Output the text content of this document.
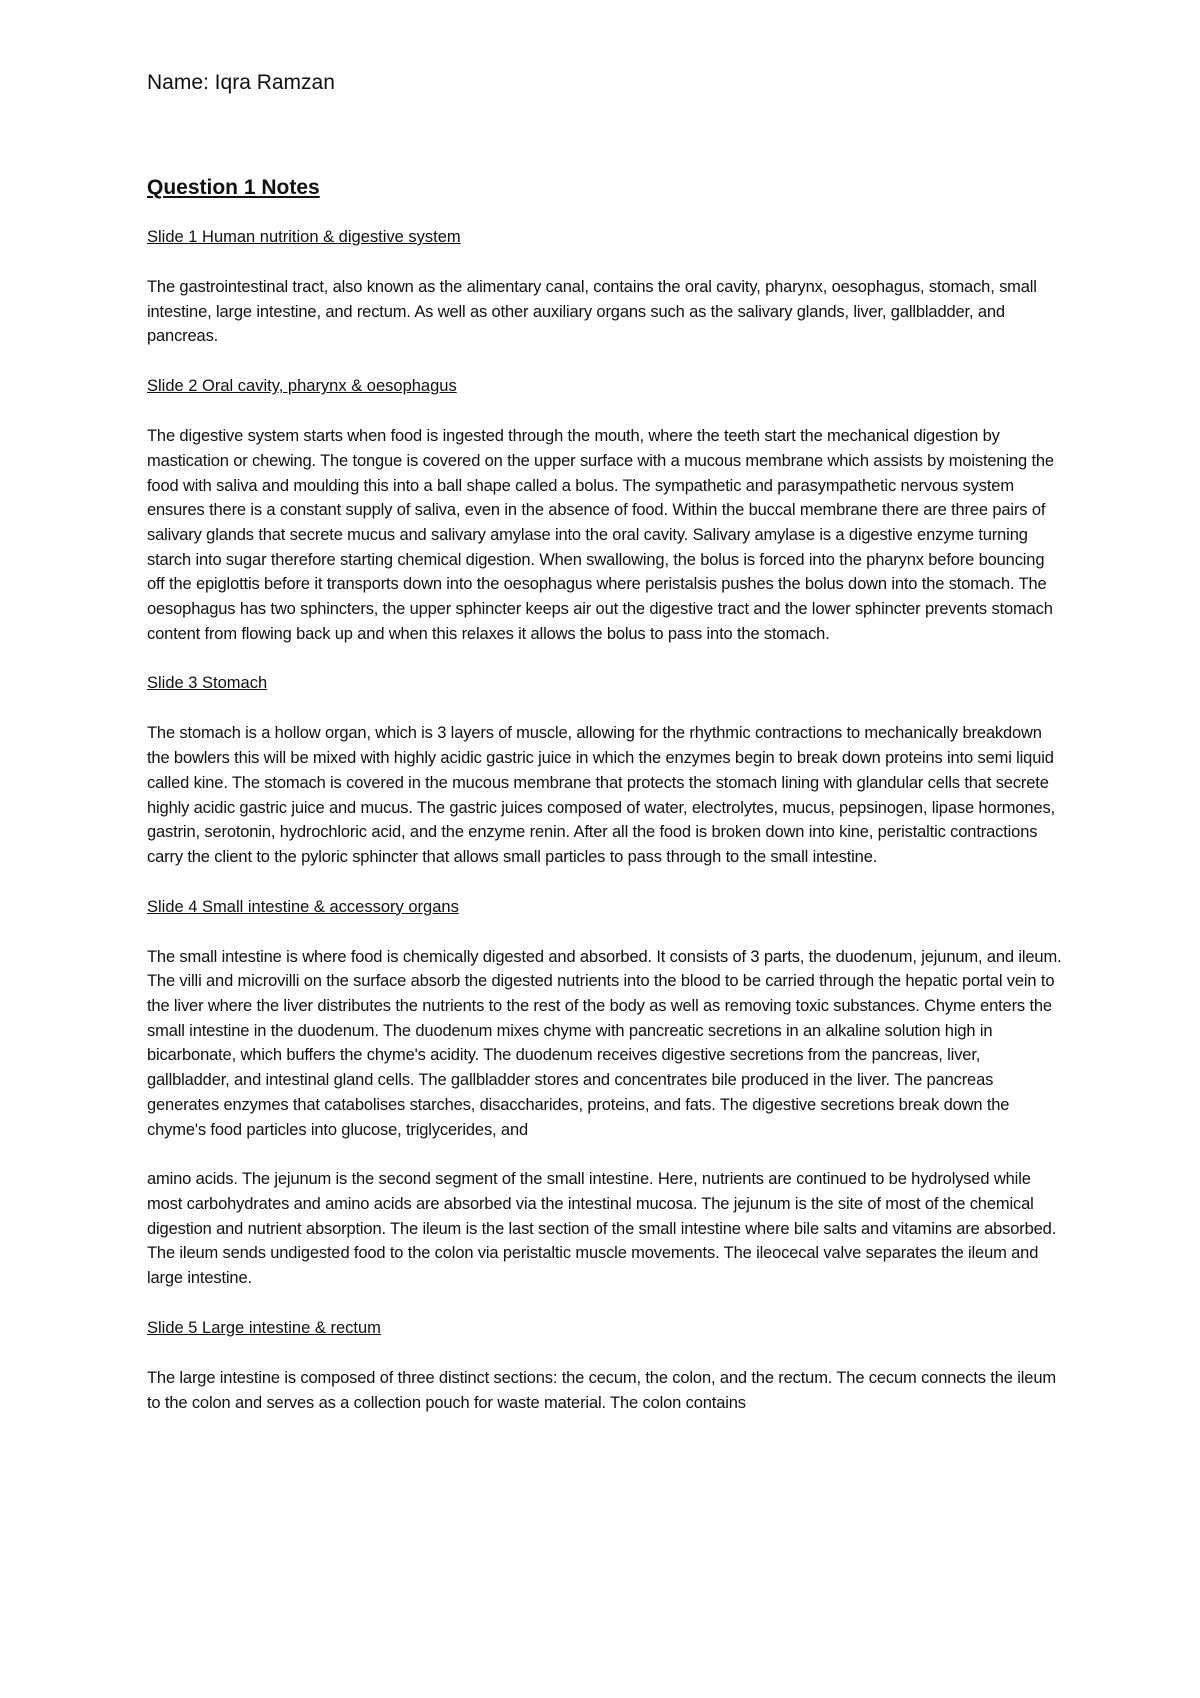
Name: Iqra Ramzan
Question 1 Notes
Slide 1 Human nutrition & digestive system
The gastrointestinal tract, also known as the alimentary canal, contains the oral cavity, pharynx, oesophagus, stomach, small intestine, large intestine, and rectum. As well as other auxiliary organs such as the salivary glands, liver, gallbladder, and pancreas.
Slide 2 Oral cavity, pharynx & oesophagus
The digestive system starts when food is ingested through the mouth, where the teeth start the mechanical digestion by mastication or chewing. The tongue is covered on the upper surface with a mucous membrane which assists by moistening the food with saliva and moulding this into a ball shape called a bolus. The sympathetic and parasympathetic nervous system ensures there is a constant supply of saliva, even in the absence of food. Within the buccal membrane there are three pairs of salivary glands that secrete mucus and salivary amylase into the oral cavity. Salivary amylase is a digestive enzyme turning starch into sugar therefore starting chemical digestion. When swallowing, the bolus is forced into the pharynx before bouncing off the epiglottis before it transports down into the oesophagus where peristalsis pushes the bolus down into the stomach. The oesophagus has two sphincters, the upper sphincter keeps air out the digestive tract and the lower sphincter prevents stomach content from flowing back up and when this relaxes it allows the bolus to pass into the stomach.
Slide 3 Stomach
The stomach is a hollow organ, which is 3 layers of muscle, allowing for the rhythmic contractions to mechanically breakdown the bowlers this will be mixed with highly acidic gastric juice in which the enzymes begin to break down proteins into semi liquid called kine. The stomach is covered in the mucous membrane that protects the stomach lining with glandular cells that secrete highly acidic gastric juice and mucus. The gastric juices composed of water, electrolytes, mucus, pepsinogen, lipase hormones, gastrin, serotonin, hydrochloric acid, and the enzyme renin. After all the food is broken down into kine, peristaltic contractions carry the client to the pyloric sphincter that allows small particles to pass through to the small intestine.
Slide 4 Small intestine & accessory organs
The small intestine is where food is chemically digested and absorbed. It consists of 3 parts, the duodenum, jejunum, and ileum. The villi and microvilli on the surface absorb the digested nutrients into the blood to be carried through the hepatic portal vein to the liver where the liver distributes the nutrients to the rest of the body as well as removing toxic substances. Chyme enters the small intestine in the duodenum. The duodenum mixes chyme with pancreatic secretions in an alkaline solution high in bicarbonate, which buffers the chyme's acidity. The duodenum receives digestive secretions from the pancreas, liver, gallbladder, and intestinal gland cells. The gallbladder stores and concentrates bile produced in the liver. The pancreas generates enzymes that catabolises starches, disaccharides, proteins, and fats. The digestive secretions break down the chyme's food particles into glucose, triglycerides, and
amino acids. The jejunum is the second segment of the small intestine. Here, nutrients are continued to be hydrolysed while most carbohydrates and amino acids are absorbed via the intestinal mucosa. The jejunum is the site of most of the chemical digestion and nutrient absorption. The ileum is the last section of the small intestine where bile salts and vitamins are absorbed. The ileum sends undigested food to the colon via peristaltic muscle movements. The ileocecal valve separates the ileum and large intestine.
Slide 5 Large intestine & rectum
The large intestine is composed of three distinct sections: the cecum, the colon, and the rectum. The cecum connects the ileum to the colon and serves as a collection pouch for waste material. The colon contains
